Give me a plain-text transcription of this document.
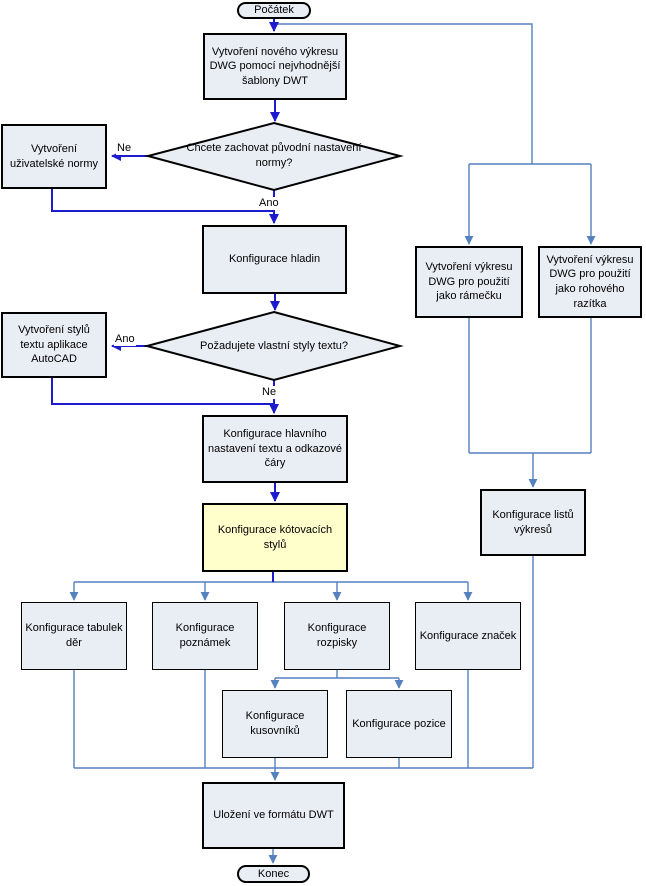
Počátek
Konec
Vytvoření nového výkresu DWG pomocí nejvhodnější šablony DWT
Chcete zachovat původní nastavení normy?
Vytvoření uživatelské normy
Konfigurace hladin
Požadujete vlastní styly textu?
Vytvoření stylů textu aplikace AutoCAD
Konfigurace hlavního nastavení textu a odkazové čáry
Konfigurace kótovacích stylů
Konfigurace tabulek děr
Konfigurace poznámek
Konfigurace rozpisky
Konfigurace značek
Konfigurace kusovníků
Konfigurace pozice
Uložení ve formátu DWT
Vytvoření výkresu DWG pro použití jako rámečku
Vytvoření výkresu DWG pro použití jako rohového razítka
Konfigurace listů výkresů
Ne
Ano
Ano
Ne
